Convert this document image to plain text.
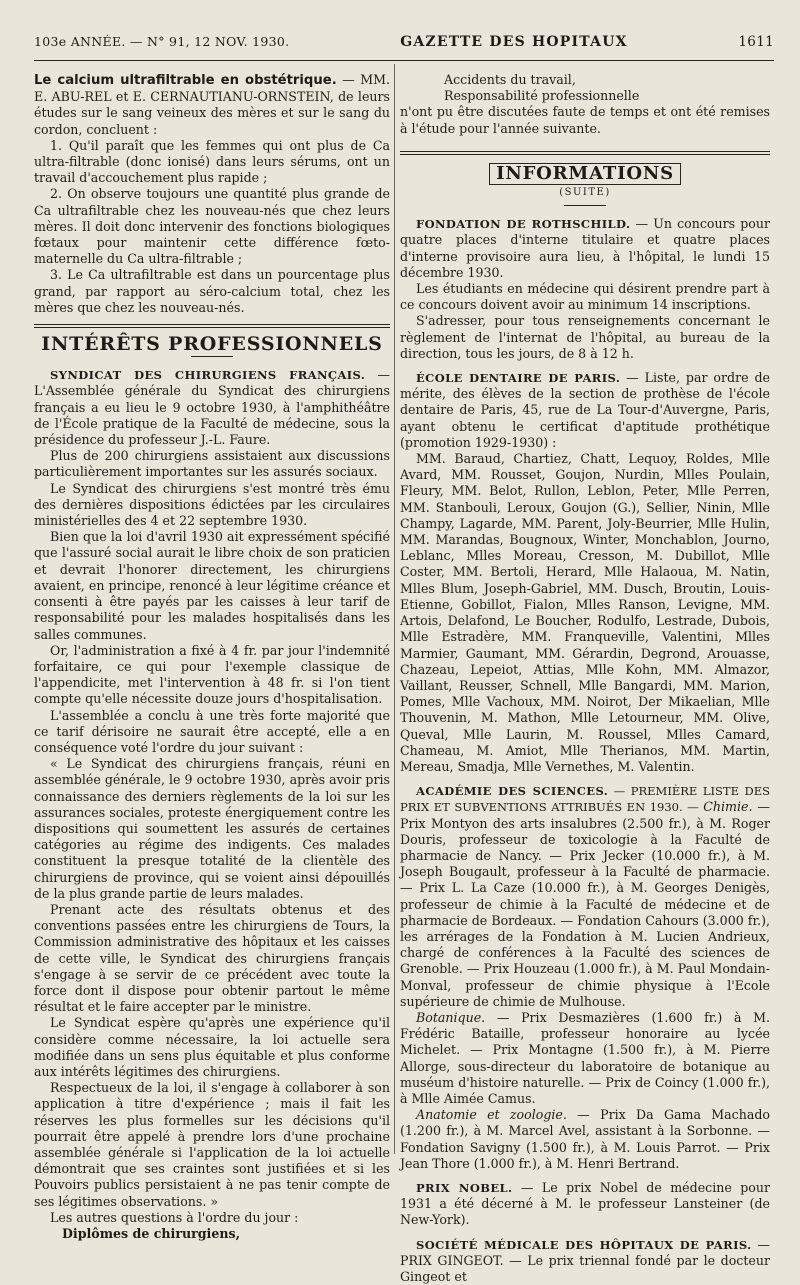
103e ANNÉE. — N° 91, 12 NOV. 1930.	GAZETTE DES HOPITAUX	1611

Le calcium ultrafiltrable en obstétrique. — MM. E. ABU-REL et E. CERNAUTIANU-ORNSTEIN, de leurs études sur le sang veineux des mères et sur le sang du cordon, concluent :

1. Qu'il paraît que les femmes qui ont plus de Ca ultra-filtrable (donc ionisé) dans leurs sérums, ont un travail d'accouchement plus rapide ;

2. On observe toujours une quantité plus grande de Ca ultrafiltrable chez les nouveau-nés que chez leurs mères. Il doit donc intervenir des fonctions biologiques fœtaux pour maintenir cette différence fœto-maternelle du Ca ultra-filtrable ;

3. Le Ca ultrafiltrable est dans un pourcentage plus grand, par rapport au séro-calcium total, chez les mères que chez les nouveau-nés.

INTÉRÊTS PROFESSIONNELS

SYNDICAT DES CHIRURGIENS FRANÇAIS. — L'Assemblée générale du Syndicat des chirurgiens français a eu lieu le 9 octobre 1930, à l'amphithéâtre de l'École pratique de la Faculté de médecine, sous la présidence du professeur J.-L. Faure.

Plus de 200 chirurgiens assistaient aux discussions particulièrement importantes sur les assurés sociaux.

Le Syndicat des chirurgiens s'est montré très ému des dernières dispositions édictées par les circulaires ministérielles des 4 et 22 septembre 1930.

Bien que la loi d'avril 1930 ait expressément spécifié que l'assuré social aurait le libre choix de son praticien et devrait l'honorer directement, les chirurgiens avaient, en principe, renoncé à leur légitime créance et consenti à être payés par les caisses à leur tarif de responsabilité pour les malades hospitalisés dans les salles communes.

Or, l'administration a fixé à 4 fr. par jour l'indemnité forfaitaire, ce qui pour l'exemple classique de l'appendicite, met l'intervention à 48 fr. si l'on tient compte qu'elle nécessite douze jours d'hospitalisation.

L'assemblée a conclu à une très forte majorité que ce tarif dérisoire ne saurait être accepté, elle a en conséquence voté l'ordre du jour suivant :

« Le Syndicat des chirurgiens français, réuni en assemblée générale, le 9 octobre 1930, après avoir pris connaissance des derniers règlements de la loi sur les assurances sociales, proteste énergiquement contre les dispositions qui soumettent les assurés de certaines catégories au régime des indigents. Ces malades constituent la presque totalité de la clientèle des chirurgiens de province, qui se voient ainsi dépouillés de la plus grande partie de leurs malades.

Prenant acte des résultats obtenus et des conventions passées entre les chirurgiens de Tours, la Commission administrative des hôpitaux et les caisses de cette ville, le Syndicat des chirurgiens français s'engage à se servir de ce précédent avec toute la force dont il dispose pour obtenir partout le même résultat et le faire accepter par le ministre.

Le Syndicat espère qu'après une expérience qu'il considère comme nécessaire, la loi actuelle sera modifiée dans un sens plus équitable et plus conforme aux intérêts légitimes des chirurgiens.

Respectueux de la loi, il s'engage à collaborer à son application à titre d'expérience ; mais il fait les réserves les plus formelles sur les décisions qu'il pourrait être appelé à prendre lors d'une prochaine assemblée générale si l'application de la loi actuelle démontrait que ses craintes sont justifiées et si les Pouvoirs publics persistaient à ne pas tenir compte de ses légitimes observations. »

Les autres questions à l'ordre du jour :

Diplômes de chirurgiens,

Accidents du travail,

Responsabilité professionnelle

n'ont pu être discutées faute de temps et ont été remises à l'étude pour l'année suivante.

INFORMATIONS
(SUITE)

FONDATION DE ROTHSCHILD. — Un concours pour quatre places d'interne titulaire et quatre places d'interne provisoire aura lieu, à l'hôpital, le lundi 15 décembre 1930.

Les étudiants en médecine qui désirent prendre part à ce concours doivent avoir au minimum 14 inscriptions.

S'adresser, pour tous renseignements concernant le règlement de l'internat de l'hôpital, au bureau de la direction, tous les jours, de 8 à 12 h.

ÉCOLE DENTAIRE DE PARIS. — Liste, par ordre de mérite, des élèves de la section de prothèse de l'école dentaire de Paris, 45, rue de La Tour-d'Auvergne, Paris, ayant obtenu le certificat d'aptitude prothétique (promotion 1929-1930) :

MM. Baraud, Chartiez, Chatt, Lequoy, Roldes, Mlle Avard, MM. Rousset, Goujon, Nurdin, Mlles Poulain, Fleury, MM. Belot, Rullon, Leblon, Peter, Mlle Perren, MM. Stanbouli, Leroux, Goujon (G.), Sellier, Ninin, Mlle Champy, Lagarde, MM. Parent, Joly-Beurrier, Mlle Hulin, MM. Marandas, Bougnoux, Winter, Monchablon, Journo, Leblanc, Mlles Moreau, Cresson, M. Dubillot, Mlle Coster, MM. Bertoli, Herard, Mlle Halaoua, M. Natin, Mlles Blum, Joseph-Gabriel, MM. Dusch, Broutin, Louis-Etienne, Gobillot, Fialon, Mlles Ranson, Levigne, MM. Artois, Delafond, Le Boucher, Rodulfo, Lestrade, Dubois, Mlle Estradère, MM. Franqueville, Valentini, Mlles Marmier, Gaumant, MM. Gérardin, Degrond, Arouasse, Chazeau, Lepeiot, Attias, Mlle Kohn, MM. Almazor, Vaillant, Reusser, Schnell, Mlle Bangardi, MM. Marion, Pomes, Mlle Vachoux, MM. Noirot, Der Mikaelian, Mlle Thouvenin, M. Mathon, Mlle Letourneur, MM. Olive, Queval, Mlle Laurin, M. Roussel, Mlles Camard, Chameau, M. Amiot, Mlle Therianos, MM. Martin, Mereau, Smadja, Mlle Vernethes, M. Valentin.

ACADÉMIE DES SCIENCES. — PREMIÈRE LISTE DES PRIX ET SUBVENTIONS ATTRIBUÉS EN 1930. — Chimie. — Prix Montyon des arts insalubres (2.500 fr.), à M. Roger Douris, professeur de toxicologie à la Faculté de pharmacie de Nancy. — Prix Jecker (10.000 fr.), à M. Joseph Bougault, professeur à la Faculté de pharmacie. — Prix L. La Caze (10.000 fr.), à M. Georges Denigès, professeur de chimie à la Faculté de médecine et de pharmacie de Bordeaux. — Fondation Cahours (3.000 fr.), les arrérages de la Fondation à M. Lucien Andrieux, chargé de conférences à la Faculté des sciences de Grenoble. — Prix Houzeau (1.000 fr.), à M. Paul Mondain-Monval, professeur de chimie physique à l'Ecole supérieure de chimie de Mulhouse.

Botanique. — Prix Desmazières (1.600 fr.) à M. Frédéric Bataille, professeur honoraire au lycée Michelet. — Prix Montagne (1.500 fr.), à M. Pierre Allorge, sous-directeur du laboratoire de botanique au muséum d'histoire naturelle. — Prix de Coincy (1.000 fr.), à Mlle Aimée Camus.

Anatomie et zoologie. — Prix Da Gama Machado (1.200 fr.), à M. Marcel Avel, assistant à la Sorbonne. — Fondation Savigny (1.500 fr.), à M. Louis Parrot. — Prix Jean Thore (1.000 fr.), à M. Henri Bertrand.

PRIX NOBEL. — Le prix Nobel de médecine pour 1931 a été décerné à M. le professeur Lansteiner (de New-York).

SOCIÉTÉ MÉDICALE DES HÔPITAUX DE PARIS. — PRIX GINGEOT. — Le prix triennal fondé par le docteur Gingeot et
